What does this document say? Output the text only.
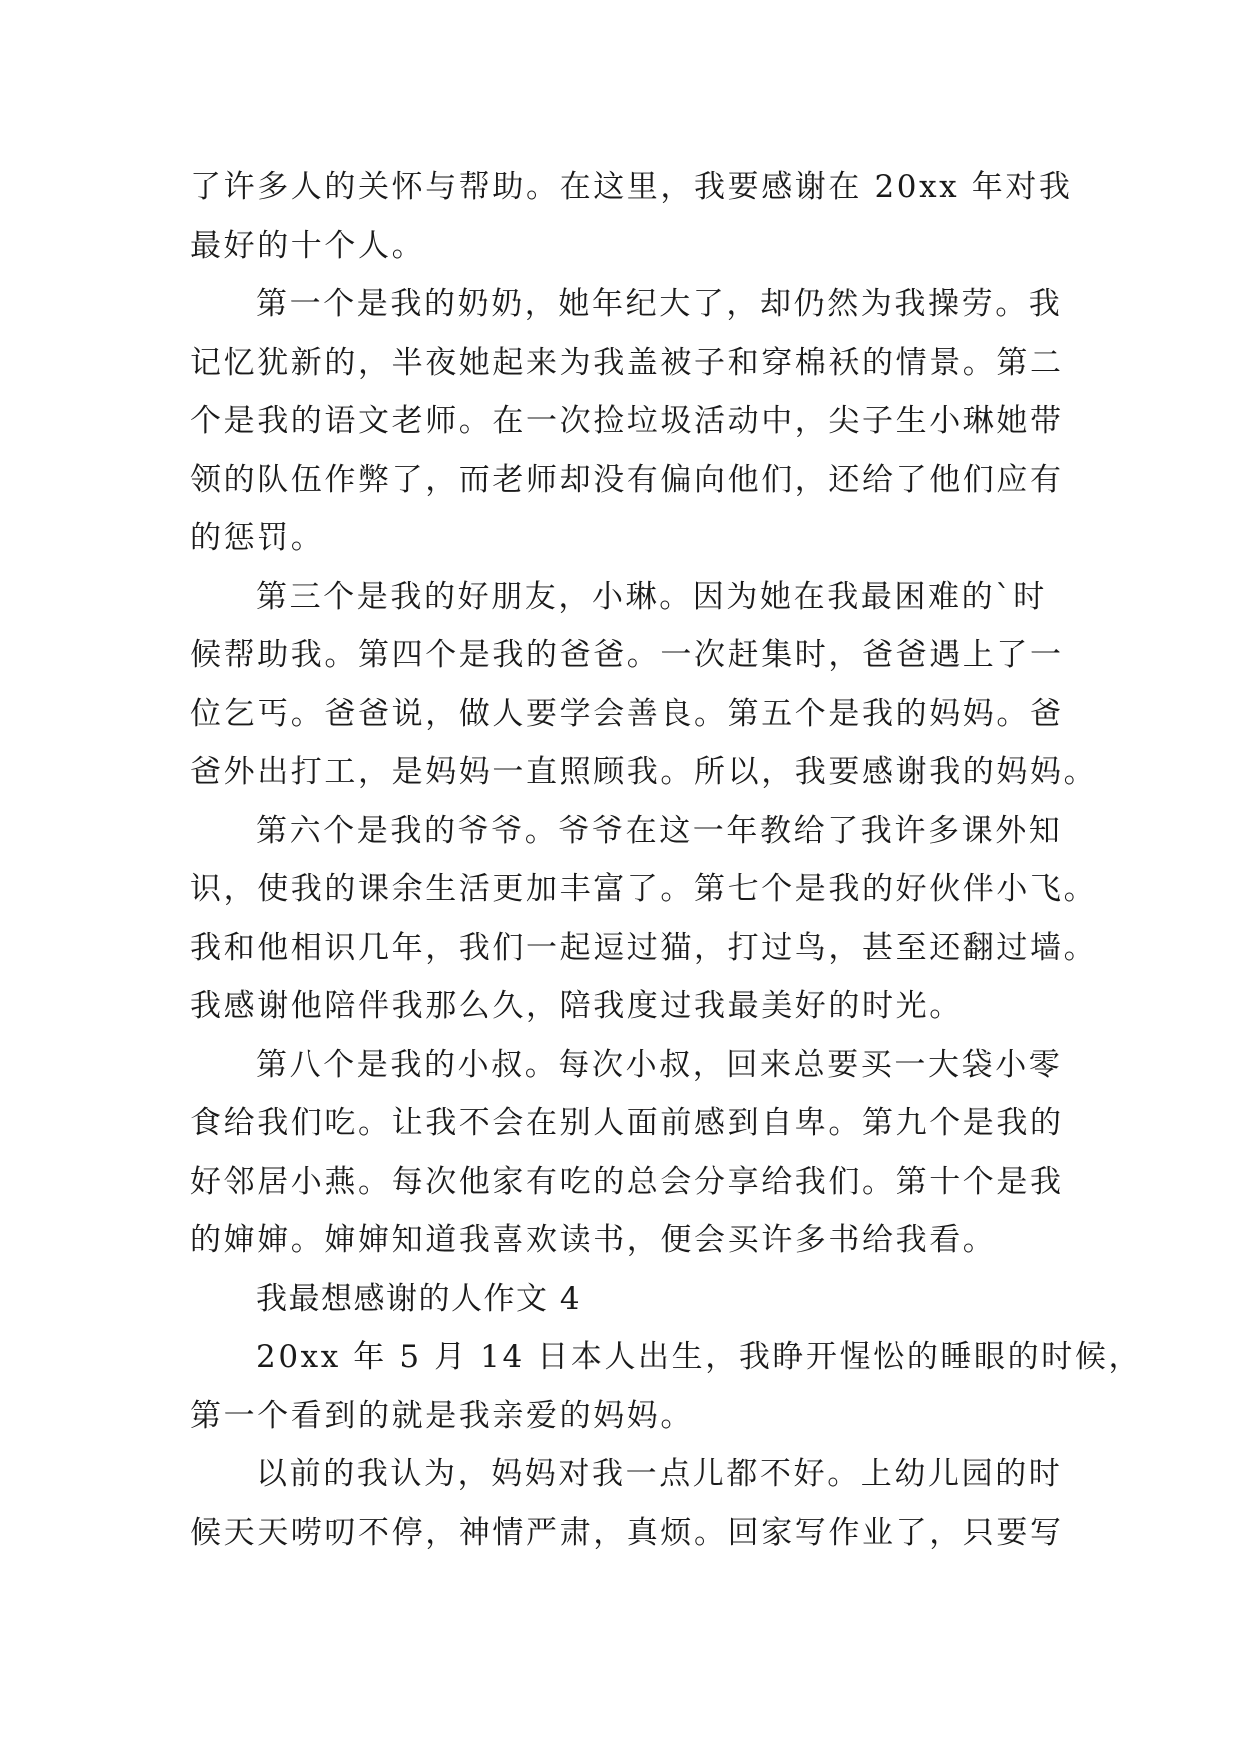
了许多人的关怀与帮助。在这里，我要感谢在 20xx 年对我
最好的十个人。
第一个是我的奶奶，她年纪大了，却仍然为我操劳。我
记忆犹新的，半夜她起来为我盖被子和穿棉袄的情景。第二
个是我的语文老师。在一次捡垃圾活动中，尖子生小琳她带
领的队伍作弊了，而老师却没有偏向他们，还给了他们应有
的惩罚。
第三个是我的好朋友，小琳。因为她在我最困难的`时
候帮助我。第四个是我的爸爸。一次赶集时，爸爸遇上了一
位乞丐。爸爸说，做人要学会善良。第五个是我的妈妈。爸
爸外出打工，是妈妈一直照顾我。所以，我要感谢我的妈妈。
第六个是我的爷爷。爷爷在这一年教给了我许多课外知
识，使我的课余生活更加丰富了。第七个是我的好伙伴小飞。
我和他相识几年，我们一起逗过猫，打过鸟，甚至还翻过墙。
我感谢他陪伴我那么久，陪我度过我最美好的时光。
第八个是我的小叔。每次小叔，回来总要买一大袋小零
食给我们吃。让我不会在别人面前感到自卑。第九个是我的
好邻居小燕。每次他家有吃的总会分享给我们。第十个是我
的婶婶。婶婶知道我喜欢读书，便会买许多书给我看。
我最想感谢的人作文 4
20xx 年 5 月 14 日本人出生，我睁开惺忪的睡眼的时候，
第一个看到的就是我亲爱的妈妈。
以前的我认为，妈妈对我一点儿都不好。上幼儿园的时
候天天唠叨不停，神情严肃，真烦。回家写作业了，只要写
